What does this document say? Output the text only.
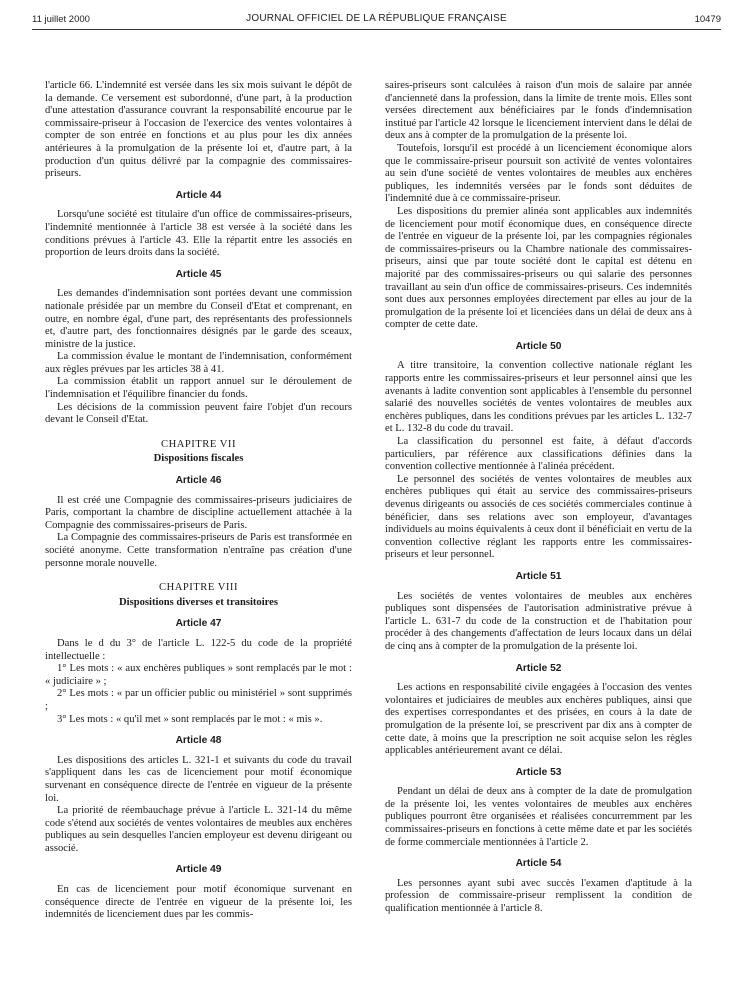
11 juillet 2000	JOURNAL OFFICIEL DE LA RÉPUBLIQUE FRANÇAISE	10479

l'article 66. L'indemnité est versée dans les six mois suivant le dépôt de la demande. Ce versement est subordonné, d'une part, à la production d'une attestation d'assurance couvrant la responsabilité encourue par le commissaire-priseur à l'occasion de l'exercice des ventes volontaires à compter de son entrée en fonctions et au plus pour les dix années antérieures à la promulgation de la présente loi et, d'autre part, à la production d'un quitus délivré par la compagnie des commissaires-priseurs.

Article 44

Lorsqu'une société est titulaire d'un office de commissaires-priseurs, l'indemnité mentionnée à l'article 38 est versée à la société dans les conditions prévues à l'article 43. Elle la répartit entre les associés en proportion de leurs droits dans la société.

Article 45

Les demandes d'indemnisation sont portées devant une commission nationale présidée par un membre du Conseil d'Etat et comprenant, en outre, en nombre égal, d'une part, des représentants des professionnels et, d'autre part, des fonctionnaires désignés par le garde des sceaux, ministre de la justice.

La commission évalue le montant de l'indemnisation, conformément aux règles prévues par les articles 38 à 41.

La commission établit un rapport annuel sur le déroulement de l'indemnisation et l'équilibre financier du fonds.

Les décisions de la commission peuvent faire l'objet d'un recours devant le Conseil d'Etat.

CHAPITRE VII
Dispositions fiscales
Article 46

Il est créé une Compagnie des commissaires-priseurs judiciaires de Paris, comportant la chambre de discipline actuellement attachée à la Compagnie des commissaires-priseurs de Paris.

La Compagnie des commissaires-priseurs de Paris est transformée en société anonyme. Cette transformation n'entraîne pas création d'une personne morale nouvelle.

CHAPITRE VIII
Dispositions diverses et transitoires
Article 47

Dans le d du 3° de l'article L. 122-5 du code de la propriété intellectuelle :

1° Les mots : « aux enchères publiques » sont remplacés par le mot : « judiciaire » ;

2° Les mots : « par un officier public ou ministériel » sont supprimés ;

3° Les mots : « qu'il met » sont remplacés par le mot : « mis ».

Article 48

Les dispositions des articles L. 321-1 et suivants du code du travail s'appliquent dans les cas de licenciement pour motif économique survenant en conséquence directe de l'entrée en vigueur de la présente loi.

La priorité de réembauchage prévue à l'article L. 321-14 du même code s'étend aux sociétés de ventes volontaires de meubles aux enchères publiques au sein desquelles l'ancien employeur est devenu dirigeant ou associé.

Article 49

En cas de licenciement pour motif économique survenant en conséquence directe de l'entrée en vigueur de la présente loi, les indemnités de licenciement dues par les commis-

saires-priseurs sont calculées à raison d'un mois de salaire par année d'ancienneté dans la profession, dans la limite de trente mois. Elles sont versées directement aux bénéficiaires par le fonds d'indemnisation institué par l'article 42 lorsque le licenciement intervient dans le délai de deux ans à compter de la promulgation de la présente loi.

Toutefois, lorsqu'il est procédé à un licenciement économique alors que le commissaire-priseur poursuit son activité de ventes volontaires au sein d'une société de ventes volontaires de meubles aux enchères publiques, les indemnités versées par le fonds sont déduites de l'indemnité due à ce commissaire-priseur.

Les dispositions du premier alinéa sont applicables aux indemnités de licenciement pour motif économique dues, en conséquence directe de l'entrée en vigueur de la présente loi, par les compagnies régionales de commissaires-priseurs ou la Chambre nationale des commissaires-priseurs, ainsi que par toute société dont le capital est détenu en majorité par des commissaires-priseurs ou qui salarie des personnes travaillant au sein d'un office de commissaires-priseurs. Ces indemnités sont dues aux personnes employées directement par elles au jour de la promulgation de la présente loi et licenciées dans un délai de deux ans à compter de cette date.

Article 50

A titre transitoire, la convention collective nationale réglant les rapports entre les commissaires-priseurs et leur personnel ainsi que les avenants à ladite convention sont applicables à l'ensemble du personnel salarié des nouvelles sociétés de ventes volontaires de meubles aux enchères publiques, dans les conditions prévues par les articles L. 132-7 et L. 132-8 du code du travail.

La classification du personnel est faite, à défaut d'accords particuliers, par référence aux classifications définies dans la convention collective mentionnée à l'alinéa précédent.

Le personnel des sociétés de ventes volontaires de meubles aux enchères publiques qui était au service des commissaires-priseurs devenus dirigeants ou associés de ces sociétés commerciales continue à bénéficier, dans ses relations avec son employeur, d'avantages individuels au moins équivalents à ceux dont il bénéficiait en vertu de la convention collective réglant les rapports entre les commissaires-priseurs et leur personnel.

Article 51

Les sociétés de ventes volontaires de meubles aux enchères publiques sont dispensées de l'autorisation administrative prévue à l'article L. 631-7 du code de la construction et de l'habitation pour procéder à des changements d'affectation de leurs locaux dans un délai de cinq ans à compter de la promulgation de la présente loi.

Article 52

Les actions en responsabilité civile engagées à l'occasion des ventes volontaires et judiciaires de meubles aux enchères publiques, ainsi que des expertises correspondantes et des prisées, en cours à la date de promulgation de la présente loi, se prescrivent par dix ans à compter de cette date, à moins que la prescription ne soit acquise selon les règles applicables antérieurement avant ce délai.

Article 53

Pendant un délai de deux ans à compter de la date de promulgation de la présente loi, les ventes volontaires de meubles aux enchères publiques pourront être organisées et réalisées concurremment par les commissaires-priseurs en fonctions à cette même date et par les sociétés de forme commerciale mentionnées à l'article 2.

Article 54

Les personnes ayant subi avec succès l'examen d'aptitude à la profession de commissaire-priseur remplissent la condition de qualification mentionnée à l'article 8.
